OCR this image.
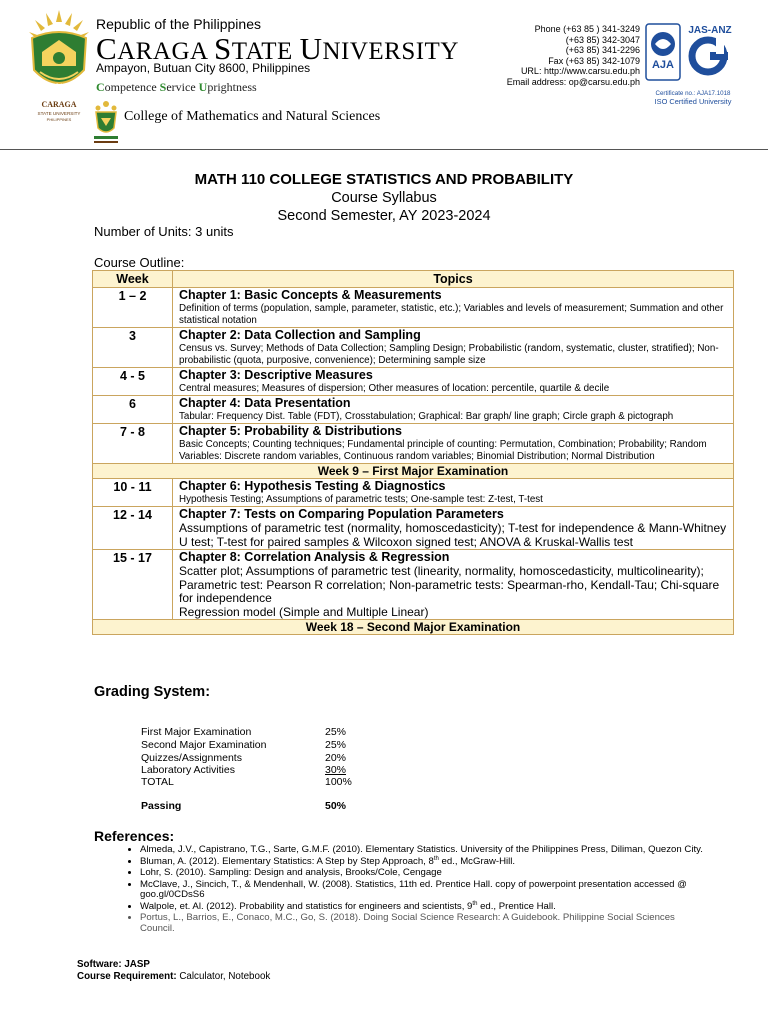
1946
CARAGA
STATE UNIVERSITY
PHILIPPINES
Republic of the Philippines
CARAGA STATE UNIVERSITY
Ampayon, Butuan City 8600, Philippines
Competence Service Uprightness
College of Mathematics and Natural Sciences
Phone (+63 85 ) 341-3249
(+63 85) 342-3047
(+63 85) 341-2296
Fax (+63 85) 342-1079
URL: http://www.carsu.edu.ph
Email address: op@carsu.edu.ph
AJA
JAS-ANZ
Certificate no.: AJA17.1018
ISO Certified University
MATH 110 COLLEGE STATISTICS AND PROBABILITY
Course Syllabus
Second Semester, AY 2023-2024
Number of Units: 3 units
Course Outline:
Week	Topics
1 – 2	Chapter 1: Basic Concepts & Measurements
Definition of terms (population, sample, parameter, statistic, etc.); Variables and levels of measurement; Summation and other statistical notation

3	Chapter 2: Data Collection and Sampling
Census vs. Survey; Methods of Data Collection; Sampling Design; Probabilistic (random, systematic, cluster, stratified); Non-probabilistic (quota, purposive, convenience); Determining sample size

4 - 5	Chapter 3: Descriptive Measures
Central measures; Measures of dispersion; Other measures of location: percentile, quartile & decile

6	Chapter 4: Data Presentation
Tabular: Frequency Dist. Table (FDT), Crosstabulation; Graphical: Bar graph/ line graph; Circle graph & pictograph

7 - 8	Chapter 5: Probability & Distributions
Basic Concepts; Counting techniques; Fundamental principle of counting: Permutation, Combination; Probability; Random Variables: Discrete random variables, Continuous random variables; Binomial Distribution; Normal Distribution

Week 9 – First Major Examination	
10 - 11	Chapter 6: Hypothesis Testing & Diagnostics
Hypothesis Testing; Assumptions of parametric tests; One-sample test: Z-test, T-test

12 - 14	Chapter 7: Tests on Comparing Population Parameters
Assumptions of parametric test (normality, homoscedasticity); T-test for independence & Mann-Whitney U test; T-test for paired samples & Wilcoxon signed test; ANOVA & Kruskal-Wallis test

15 - 17	Chapter 8: Correlation Analysis & Regression
Scatter plot; Assumptions of parametric test (linearity, normality, homoscedasticity, multicolinearity); Parametric test: Pearson R correlation; Non-parametric tests: Spearman-rho, Kendall-Tau; Chi-square for independence
Regression model (Simple and Multiple Linear)

Week 18 – Second Major Examination	
Grading System:
First Major Examination	25%
Second Major Examination	25%
Quizzes/Assignments	20%
Laboratory Activities	30%
TOTAL	100%
Passing	50%
References:
• Almeda, J.V., Capistrano, T.G., Sarte, G.M.F. (2010). Elementary Statistics. University of the Philippines Press, Diliman, Quezon City.
• Bluman, A. (2012). Elementary Statistics: A Step by Step Approach, 8th ed., McGraw-Hill.
• Lohr, S. (2010). Sampling: Design and analysis, Brooks/Cole, Cengage
• McClave, J., Sincich, T., & Mendenhall, W. (2008). Statistics, 11th ed. Prentice Hall. copy of powerpoint presentation accessed @ goo.gl/0CDsS6
• Walpole, et. Al. (2012). Probability and statistics for engineers and scientists, 9th ed., Prentice Hall.
• Portus, L., Barrios, E., Conaco, M.C., Go, S. (2018). Doing Social Science Research: A Guidebook. Philippine Social Sciences Council.
Software: JASP
Course Requirement: Calculator, Notebook
